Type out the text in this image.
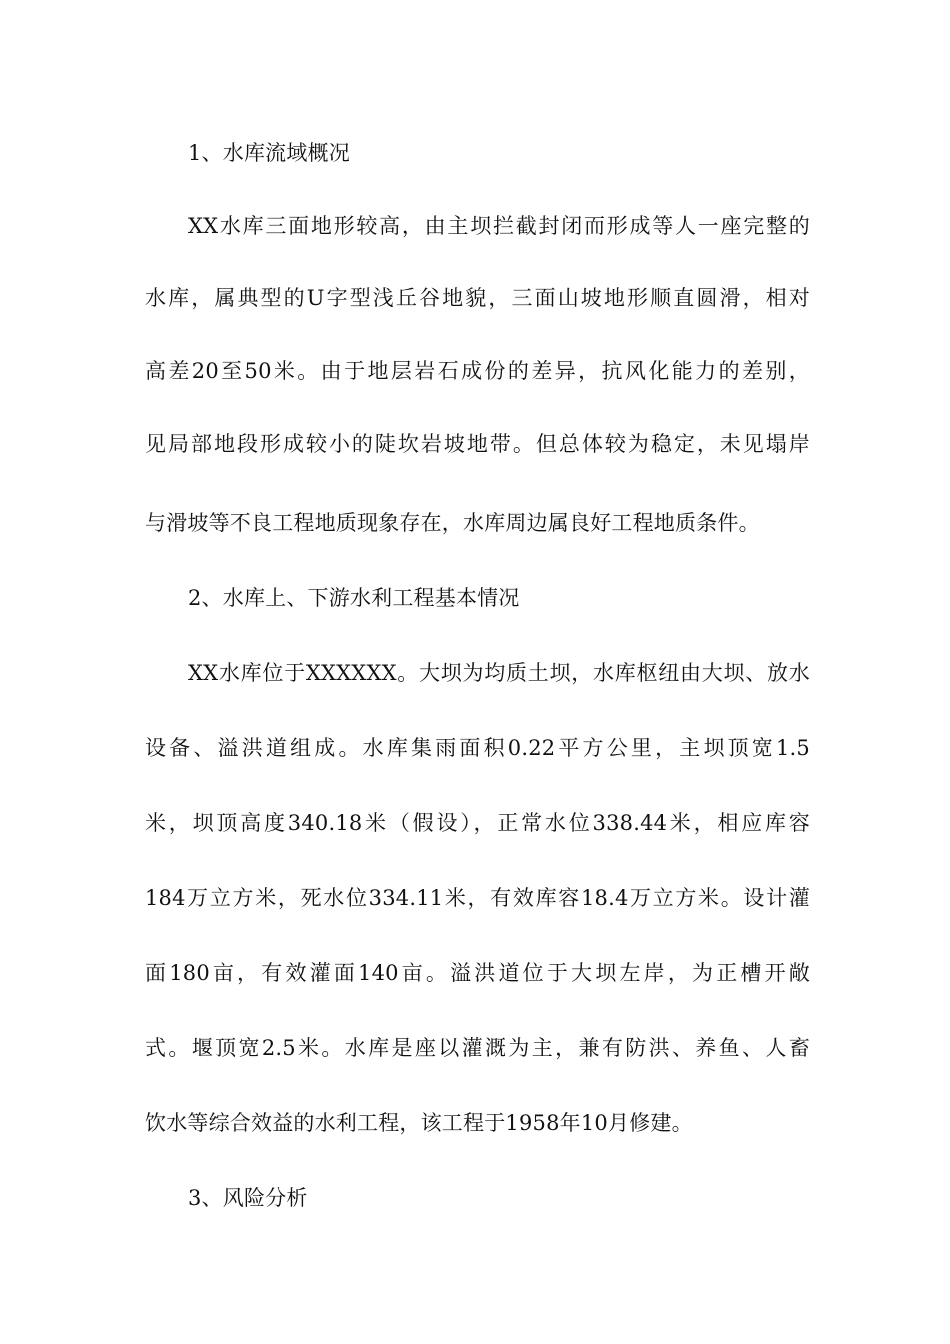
1、水库流域概况
XX水库三面地形较高，由主坝拦截封闭而形成等人一座完整的
水库，属典型的U字型浅丘谷地貌，三面山坡地形顺直圆滑，相对
高差20至50米。由于地层岩石成份的差异，抗风化能力的差别，
见局部地段形成较小的陡坎岩坡地带。但总体较为稳定，未见塌岸
与滑坡等不良工程地质现象存在，水库周边属良好工程地质条件。
2、水库上、下游水利工程基本情况
XX水库位于XXXXXX。大坝为均质土坝，水库枢纽由大坝、放水
设备、溢洪道组成。水库集雨面积0.22平方公里，主坝顶宽1.5
米，坝顶高度340.18米（假设），正常水位338.44米，相应库容
184万立方米，死水位334.11米，有效库容18.4万立方米。设计灌
面180亩，有效灌面140亩。溢洪道位于大坝左岸，为正槽开敞
式。堰顶宽2.5米。水库是座以灌溉为主，兼有防洪、养鱼、人畜
饮水等综合效益的水利工程，该工程于1958年10月修建。
3、风险分析
